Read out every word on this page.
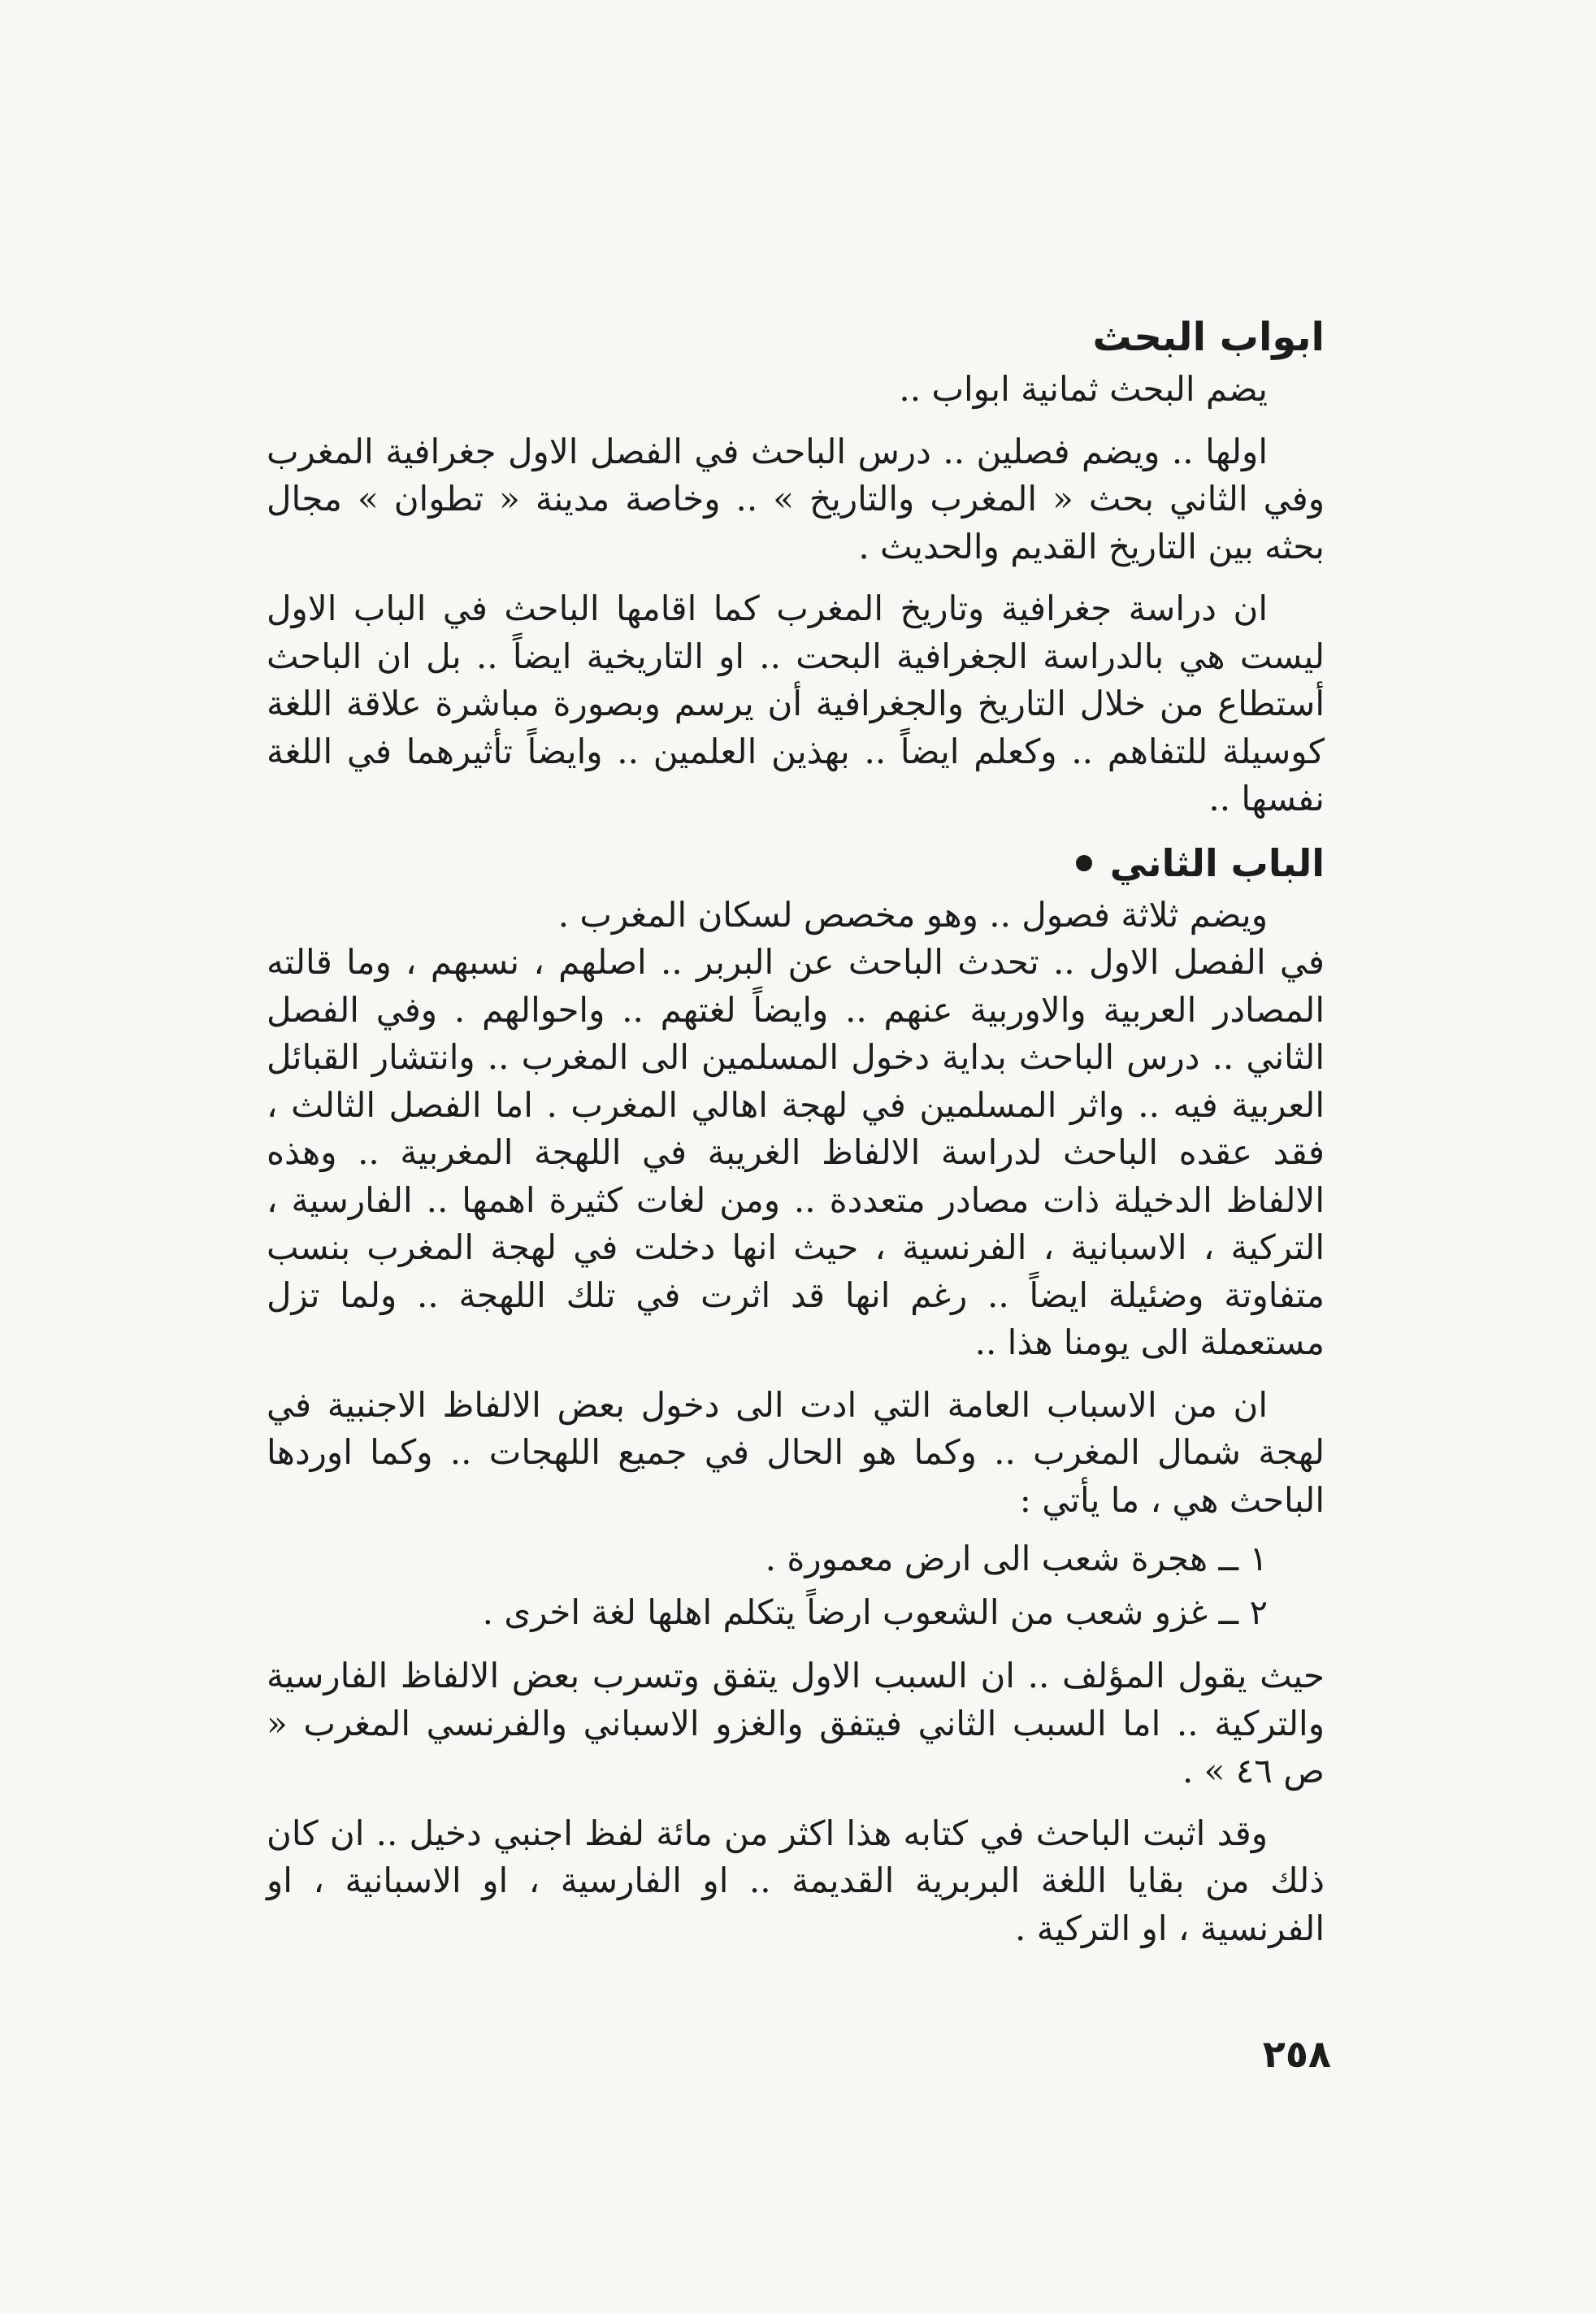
ابواب البحث

يضم البحث ثمانية ابواب ..

اولها .. ويضم فصلين .. درس الباحث في الفصل الاول جغرافية المغرب وفي الثاني بحث « المغرب والتاريخ » .. وخاصة مدينة « تطوان » مجال بحثه بين التاريخ القديم والحديث .

ان دراسة جغرافية وتاريخ المغرب كما اقامها الباحث في الباب الاول ليست هي بالدراسة الجغرافية البحت .. او التاريخية ايضاً .. بل ان الباحث أستطاع من خلال التاريخ والجغرافية أن يرسم وبصورة مباشرة علاقة اللغة كوسيلة للتفاهم .. وكعلم ايضاً .. بهذين العلمين .. وايضاً تأثيرهما في اللغة نفسها ..

الباب الثاني

ويضم ثلاثة فصول .. وهو مخصص لسكان المغرب .

في الفصل الاول .. تحدث الباحث عن البربر .. اصلهم ، نسبهم ، وما قالته المصادر العربية والاوربية عنهم .. وايضاً لغتهم .. واحوالهم . وفي الفصل الثاني .. درس الباحث بداية دخول المسلمين الى المغرب .. وانتشار القبائل العربية فيه .. واثر المسلمين في لهجة اهالي المغرب . اما الفصل الثالث ، فقد عقده الباحث لدراسة الالفاظ الغريبة في اللهجة المغربية .. وهذه الالفاظ الدخيلة ذات مصادر متعددة .. ومن لغات كثيرة اهمها .. الفارسية ، التركية ، الاسبانية ، الفرنسية ، حيث انها دخلت في لهجة المغرب بنسب متفاوتة وضئيلة ايضاً .. رغم انها قد اثرت في تلك اللهجة .. ولما تزل مستعملة الى يومنا هذا ..

ان من الاسباب العامة التي ادت الى دخول بعض الالفاظ الاجنبية في لهجة شمال المغرب .. وكما هو الحال في جميع اللهجات .. وكما اوردها الباحث هي ، ما يأتي :

١ ــ هجرة شعب الى ارض معمورة .

٢ ــ غزو شعب من الشعوب ارضاً يتكلم اهلها لغة اخرى .

حيث يقول المؤلف .. ان السبب الاول يتفق وتسرب بعض الالفاظ الفارسية والتركية .. اما السبب الثاني فيتفق والغزو الاسباني والفرنسي المغرب « ص ٤٦ » .

وقد اثبت الباحث في كتابه هذا اكثر من مائة لفظ اجنبي دخيل .. ان كان ذلك من بقايا اللغة البربرية القديمة .. او الفارسية ، او الاسبانية ، او الفرنسية ، او التركية .

٢٥٨
